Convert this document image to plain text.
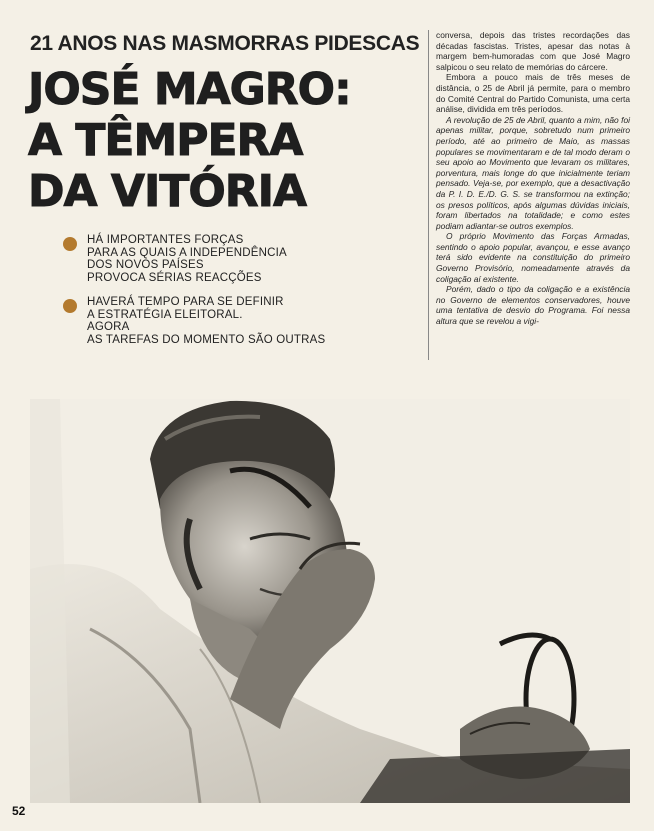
21 ANOS NAS MASMORRAS PIDESCAS
JOSÉ MAGRO:
A TÊMPERA
DA VITÓRIA
HÁ IMPORTANTES FORÇAS
PARA AS QUAIS A INDEPENDÊNCIA
DOS NOVOS PAÍSES
PROVOCA SÉRIAS REACÇÕES
HAVERÁ TEMPO PARA SE DEFINIR
A ESTRATÉGIA ELEITORAL.
AGORA
AS TAREFAS DO MOMENTO SÃO OUTRAS

conversa, depois das tristes recordações das décadas fascistas. Tristes, apesar das notas à margem bem-humoradas com que José Magro salpicou o seu relato de memórias do cárcere.

Embora a pouco mais de três meses de distância, o 25 de Abril já permite, para o membro do Comité Central do Partido Comunista, uma certa análise, dividida em três períodos.

A revolução de 25 de Abril, quanto a mim, não foi apenas militar, porque, sobretudo num primeiro período, até ao primeiro de Maio, as massas populares se movimentaram e de tal modo deram o seu apoio ao Movimento que levaram os militares, porventura, mais longe do que inicialmente teriam pensado. Veja-se, por exemplo, que a desactivação da P. I. D. E./D. G. S. se transformou na extinção; os presos políticos, após algumas dúvidas iniciais, foram libertados na totalidade; e como estes podiam adiantar-se outros exemplos.

O próprio Movimento das Forças Armadas, sentindo o apoio popular, avançou, e esse avanço terá sido evidente na constituição do primeiro Governo Provisório, nomeadamente através da coligação aí existente.

Porém, dado o tipo da coligação e a existência no Governo de elementos conservadores, houve uma tentativa de desvio do Programa. Foi nessa altura que se revelou a vigi-

52
